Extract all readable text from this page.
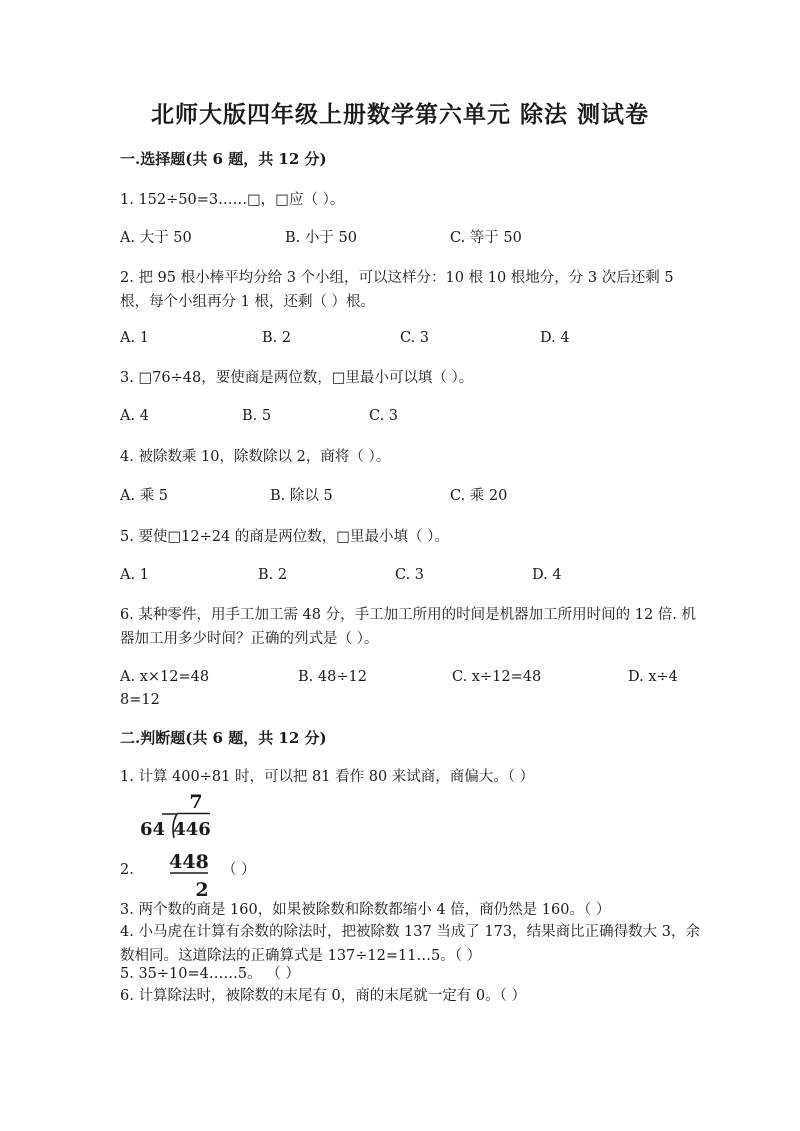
北师大版四年级上册数学第六单元 除法 测试卷
一.选择题(共 6 题，共 12 分)
1. 152÷50=3……□，□应（ ）。
A. 大于 50	B. 小于 50	C. 等于 50
2. 把 95 根小棒平均分给 3 个小组，可以这样分：10 根 10 根地分，分 3 次后还剩 5 根，每个小组再分 1 根，还剩（ ）根。
A. 1	B. 2	C. 3	D. 4
3. □76÷48，要使商是两位数，□里最小可以填（ ）。
A. 4	B. 5	C. 3
4. 被除数乘 10，除数除以 2，商将（ ）。
A. 乘 5	B. 除以 5	C. 乘 20
5. 要使□12÷24 的商是两位数，□里最小填（ ）。
A. 1	B. 2	C. 3	D. 4
6. 某种零件，用手工加工需 48 分，手工加工所用的时间是机器加工所用时间的 12 倍. 机器加工用多少时间？正确的列式是（ ）。
A. x×12=48	B. 48÷12	C. x÷12=48	D. x÷4
8=12
二.判断题(共 6 题，共 12 分)
1. 计算 400÷81 时，可以把 81 看作 80 来试商，商偏大。（ ）
7
64 446
448
2
2.	（ ）
3. 两个数的商是 160，如果被除数和除数都缩小 4 倍，商仍然是 160。（ ）
4. 小马虎在计算有余数的除法时，把被除数 137 当成了 173，结果商比正确得数大 3，余数相同。这道除法的正确算式是 137÷12=11…5。（ ）
5. 35÷10=4……5。 （ ）
6. 计算除法时，被除数的末尾有 0，商的末尾就一定有 0。（ ）
